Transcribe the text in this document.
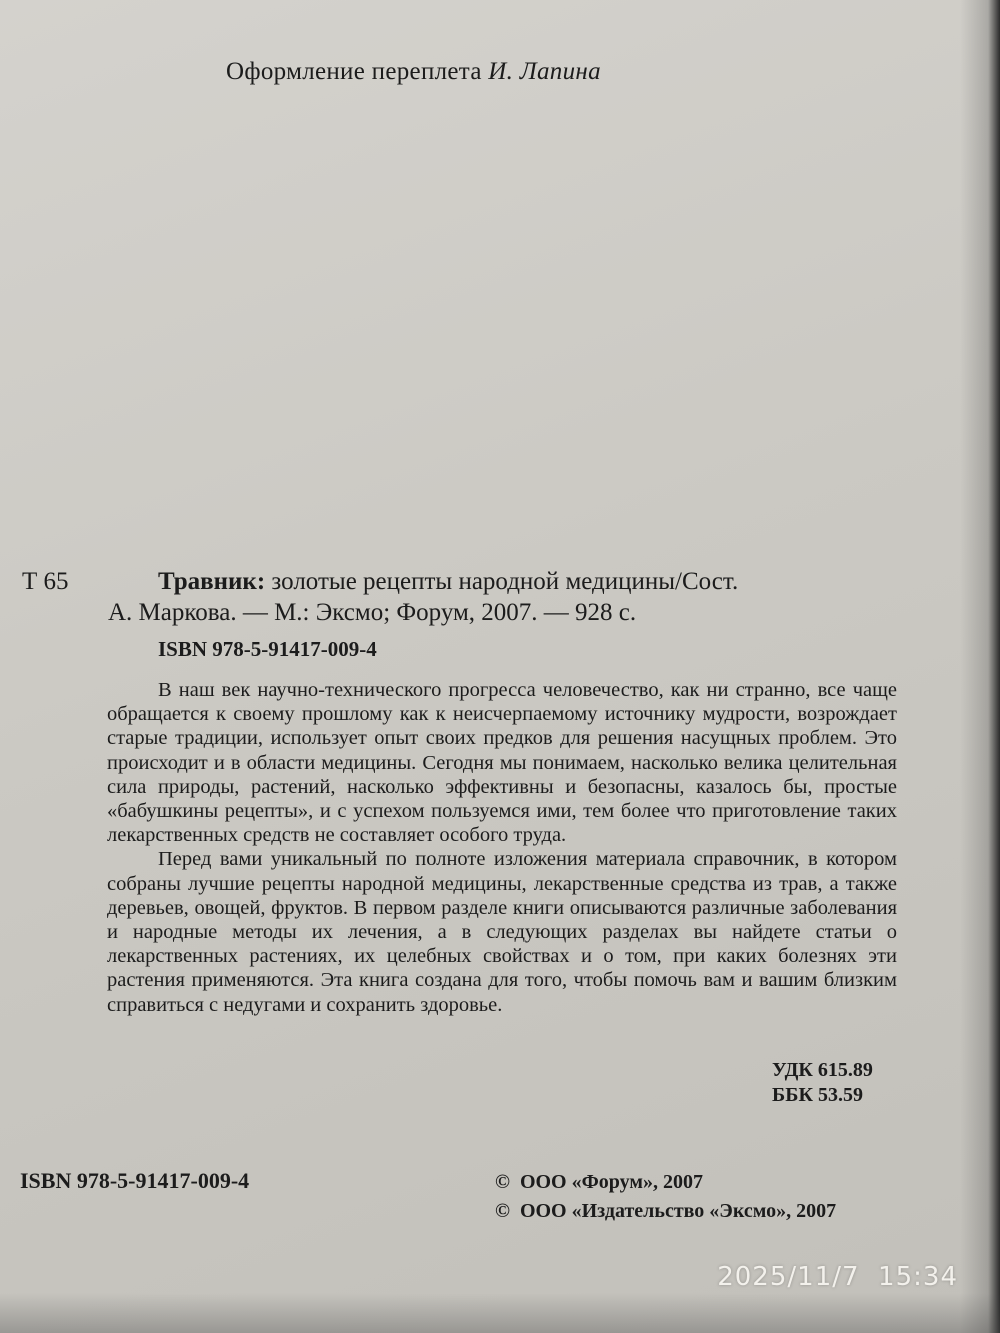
Оформление переплета И. Лапина
Т 65	Травник: золотые рецепты народной медицины/Сост.
А. Маркова. — М.: Эксмо; Форум, 2007. — 928 с.
ISBN 978-5-91417-009-4

В наш век научно-технического прогресса человечество, как ни странно, все чаще обращается к своему прошлому как к неисчерпаемому источнику мудрости, возрождает старые традиции, использует опыт своих предков для решения насущных проблем. Это происходит и в области медицины. Сегодня мы понимаем, насколько велика целительная сила природы, растений, насколько эффективны и безопасны, казалось бы, простые «бабушкины рецепты», и с успехом пользуемся ими, тем более что приготовление таких лекарственных средств не составляет особого труда.

Перед вами уникальный по полноте изложения материала справочник, в котором собраны лучшие рецепты народной медицины, лекарственные средства из трав, а также деревьев, овощей, фруктов. В первом разделе книги описываются различные заболевания и народные методы их лечения, а в следующих разделах вы найдете статьи о лекарственных растениях, их целебных свойствах и о том, при каких болезнях эти растения применяются. Эта книга создана для того, чтобы помочь вам и вашим близким справиться с недугами и сохранить здоровье.

УДК 615.89
ББК 53.59
ISBN 978-5-91417-009-4	©  ООО «Форум», 2007
©  ООО «Издательство «Эксмо», 2007
2025/11/7  15:34
